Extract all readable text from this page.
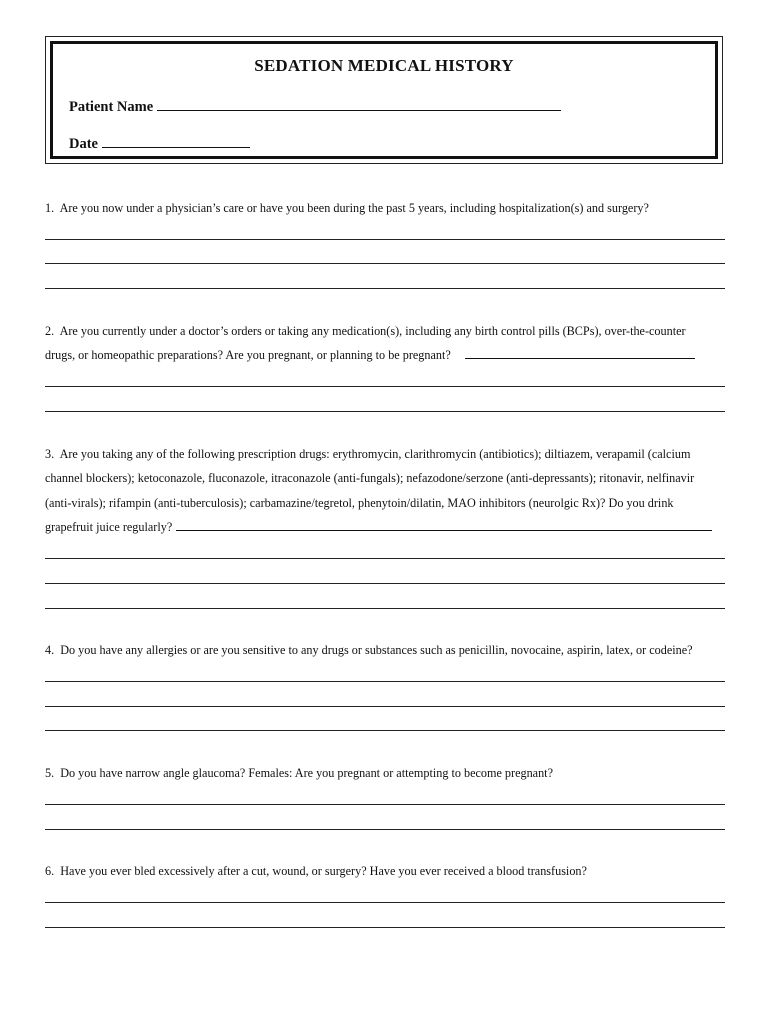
SEDATION MEDICAL HISTORY
Patient Name
Date
1. Are you now under a physician’s care or have you been during the past 5 years, including hospitalization(s) and surgery?
2. Are you currently under a doctor’s orders or taking any medication(s), including any birth control pills (BCPs), over-the-counter
drugs, or homeopathic preparations? Are you pregnant, or planning to be pregnant?
3. Are you taking any of the following prescription drugs: erythromycin, clarithromycin (antibiotics); diltiazem, verapamil (calcium
channel blockers); ketoconazole, fluconazole, itraconazole (anti-fungals); nefazodone/serzone (anti-depressants); ritonavir, nelfinavir
(anti-virals); rifampin (anti-tuberculosis); carbamazine/tegretol, phenytoin/dilatin, MAO inhibitors (neurolgic Rx)? Do you drink
grapefruit juice regularly?
4. Do you have any allergies or are you sensitive to any drugs or substances such as penicillin, novocaine, aspirin, latex, or codeine?
5. Do you have narrow angle glaucoma? Females: Are you pregnant or attempting to become pregnant?
6. Have you ever bled excessively after a cut, wound, or surgery? Have you ever received a blood transfusion?
